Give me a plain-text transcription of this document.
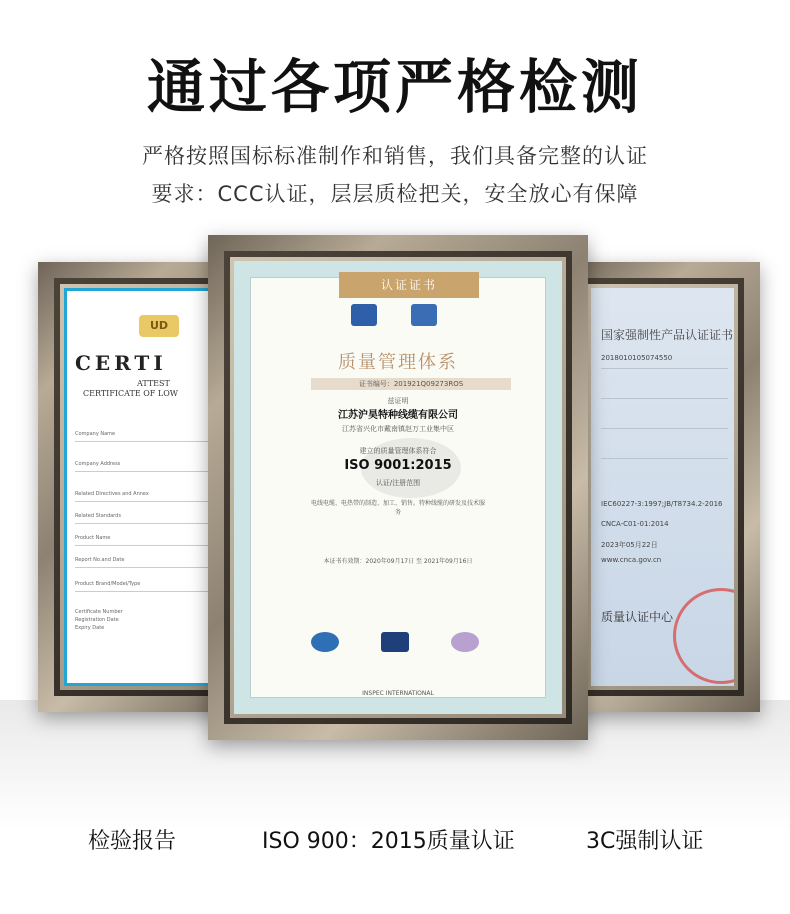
通过各项严格检测
严格按照国标标准制作和销售，我们具备完整的认证
要求：CCC认证，层层质检把关，安全放心有保障
UD
CERTI
ATTEST
CERTIFICATE OF LOW
Company Name
Company Address
Related Directives and Annex
Related Standards
Product Name
Report No.and Date
Product Brand/Model/Type
Certificate Number
Registration Date
Expiry Date
国家强制性产品认证证书
2018010105074550
IEC60227-3:1997;JB/T8734.2-2016
CNCA-C01-01:2014
2023年05月22日
www.cnca.gov.cn
质量认证中心
认证证书
质量管理体系
证书编号：201921Q09273ROS
兹证明
江苏沪昊特种线缆有限公司
江苏省兴化市戴南镇赵万工业集中区
建立的质量管理体系符合
ISO 9001:2015
认证/注册范围
电线电缆、电热带的制造、加工、销售。特种线缆的研发及技术服务
本证书有效期：2020年09月17日 至 2021年09月16日
INSPEC INTERNATIONAL
检验报告	ISO 900：2015质量认证	3C强制认证
